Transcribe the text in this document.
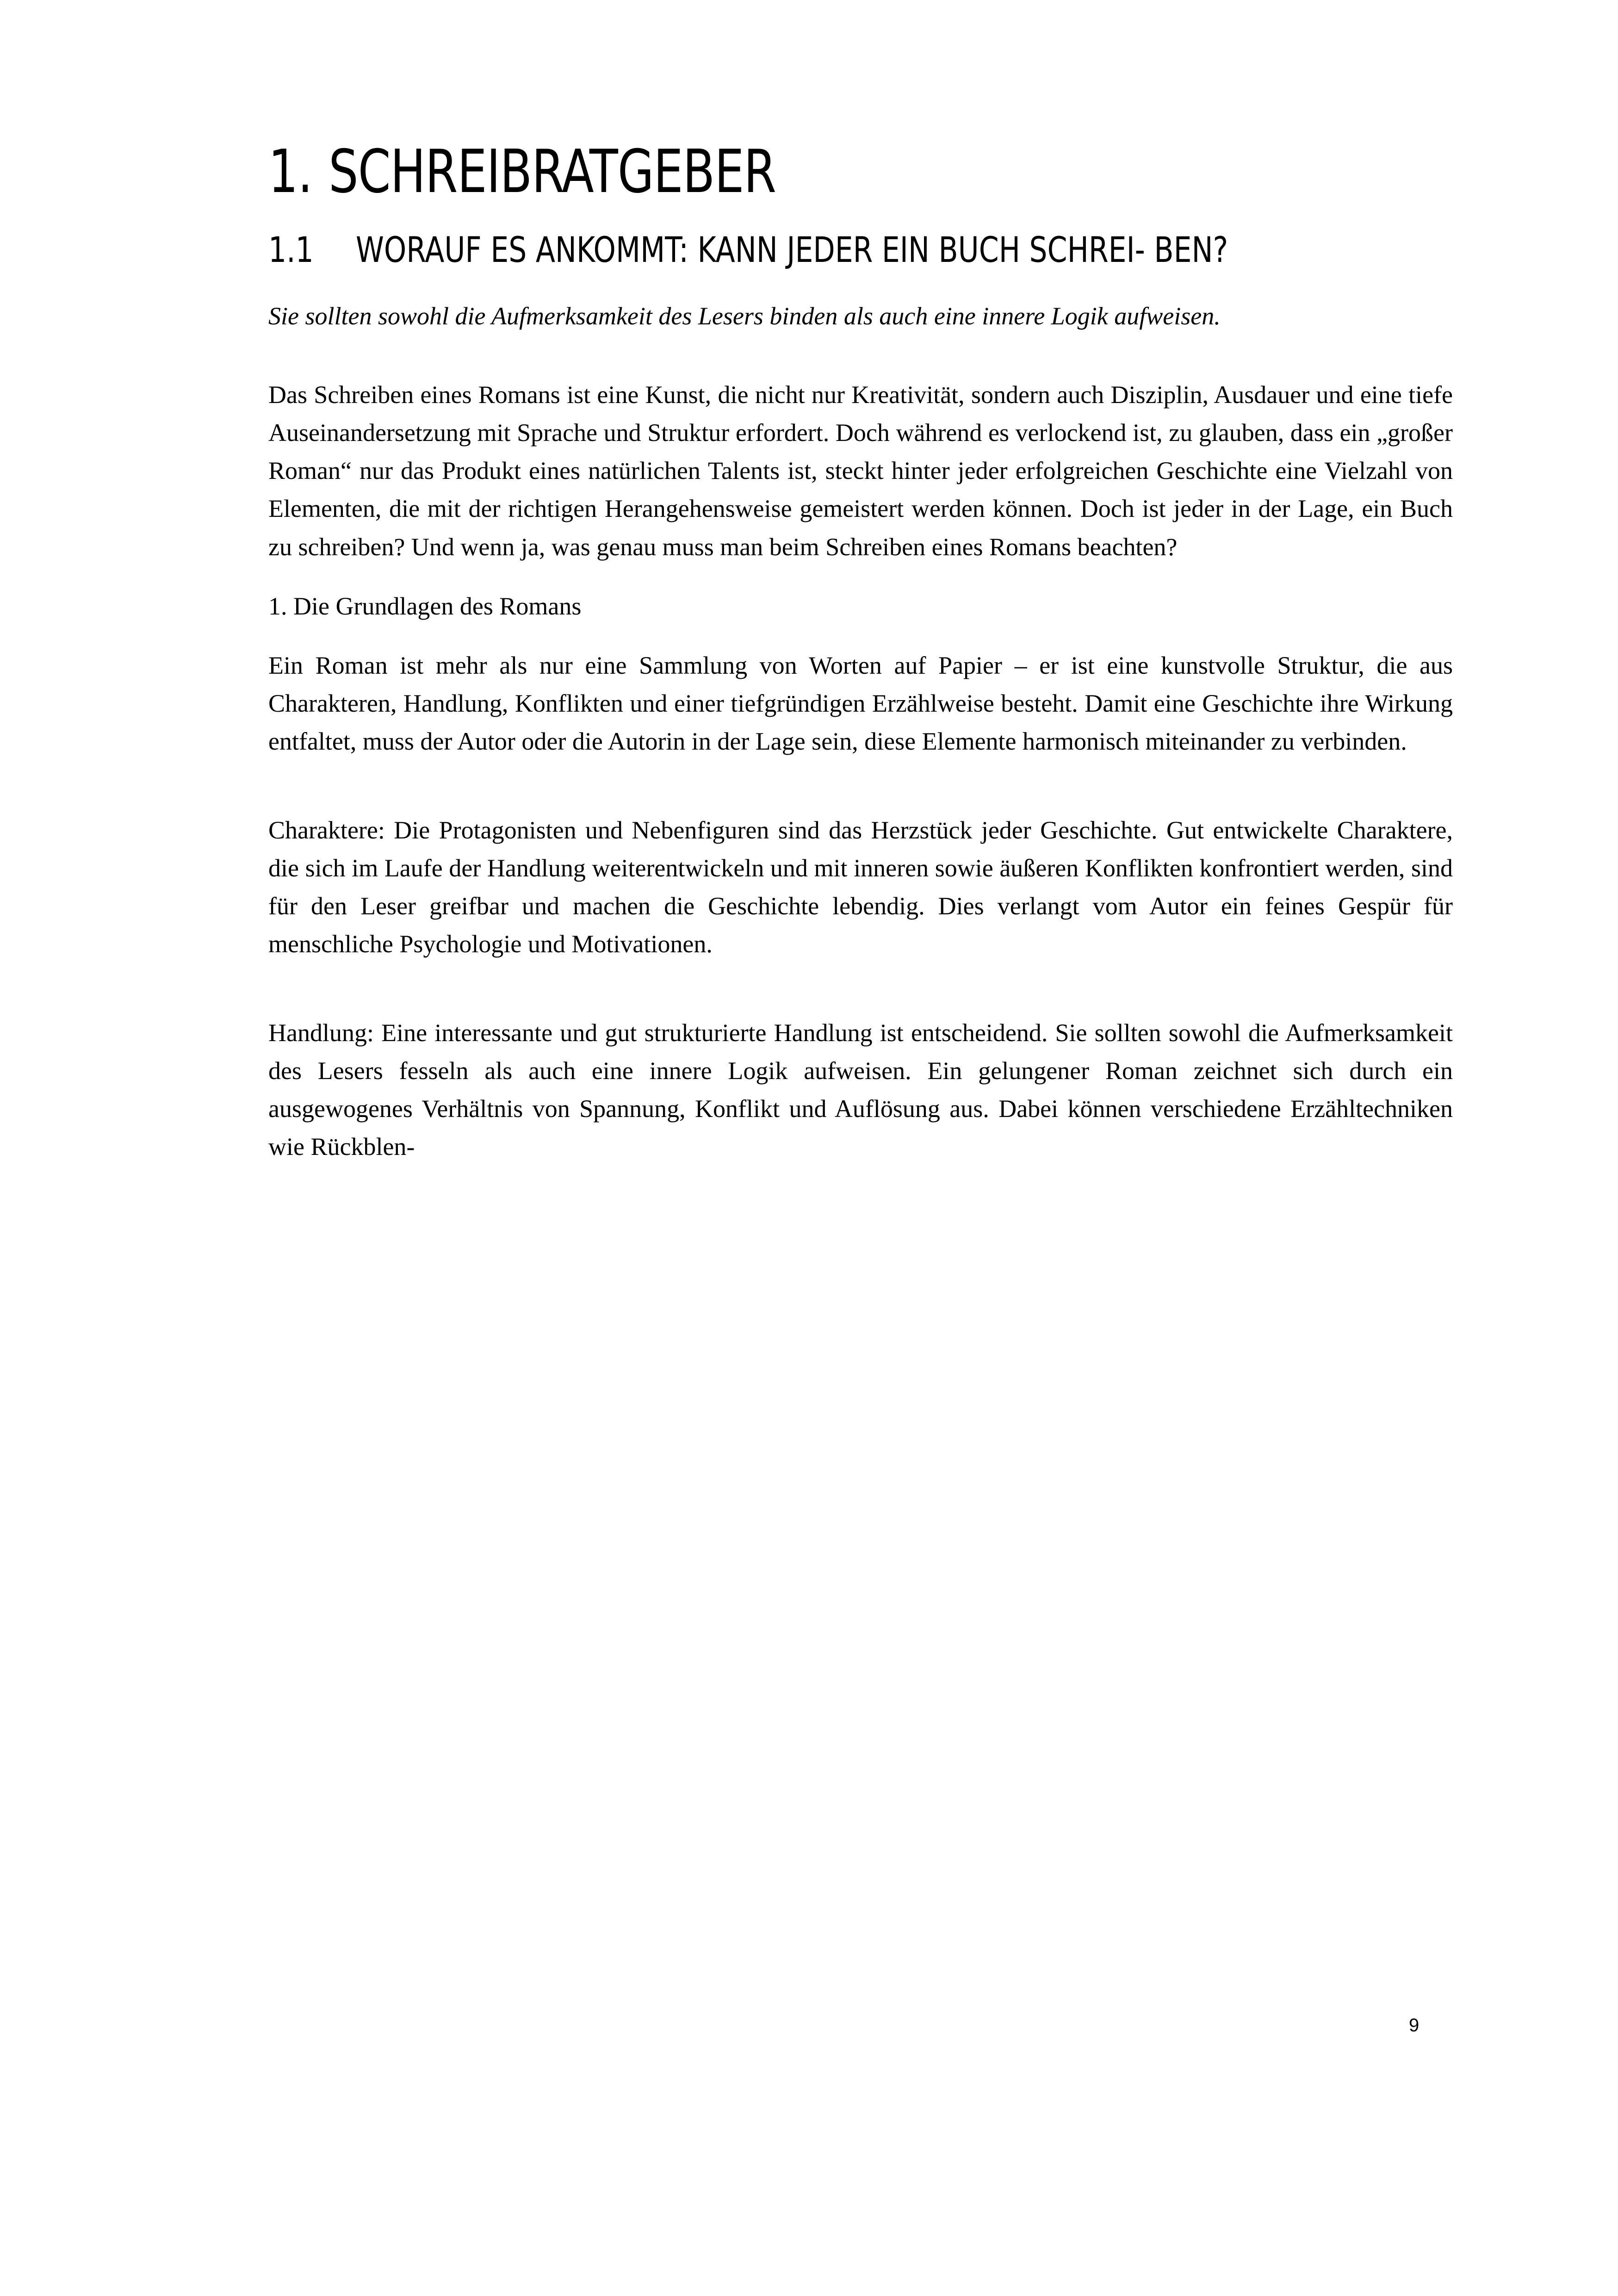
1. SCHREIBRATGEBER
1.1	WORAUF ES ANKOMMT: KANN JEDER EIN BUCH SCHREI- BEN?

Sie sollten sowohl die Aufmerksamkeit des Lesers binden als auch eine innere Logik aufweisen.

Das Schreiben eines Romans ist eine Kunst, die nicht nur Kreativität, sondern auch Disziplin, Ausdauer und eine tiefe Auseinandersetzung mit Sprache und Struktur erfordert. Doch während es verlockend ist, zu glauben, dass ein „großer Roman“ nur das Produkt eines natürlichen Talents ist, steckt hinter jeder erfolgreichen Geschichte eine Vielzahl von Elementen, die mit der richtigen Herangehensweise gemeistert werden können. Doch ist jeder in der Lage, ein Buch zu schreiben? Und wenn ja, was genau muss man beim Schreiben eines Romans beachten?

1. Die Grundlagen des Romans

Ein Roman ist mehr als nur eine Sammlung von Worten auf Papier – er ist eine kunstvolle Struktur, die aus Charakteren, Handlung, Konflikten und einer tiefgründigen Erzählweise besteht. Damit eine Geschichte ihre Wirkung entfaltet, muss der Autor oder die Autorin in der Lage sein, diese Elemente harmonisch miteinander zu verbinden.

Charaktere: Die Protagonisten und Nebenfiguren sind das Herzstück jeder Geschichte. Gut entwickelte Charaktere, die sich im Laufe der Handlung weiterentwickeln und mit inneren sowie äußeren Konflikten konfrontiert werden, sind für den Leser greifbar und machen die Geschichte lebendig. Dies verlangt vom Autor ein feines Gespür für menschliche Psychologie und Motivationen.

Handlung: Eine interessante und gut strukturierte Handlung ist entscheidend. Sie sollten sowohl die Aufmerksamkeit des Lesers fesseln als auch eine innere Logik aufweisen. Ein gelungener Roman zeichnet sich durch ein ausgewogenes Verhältnis von Spannung, Konflikt und Auflösung aus. Dabei können verschiedene Erzähltechniken wie Rückblen-

9
